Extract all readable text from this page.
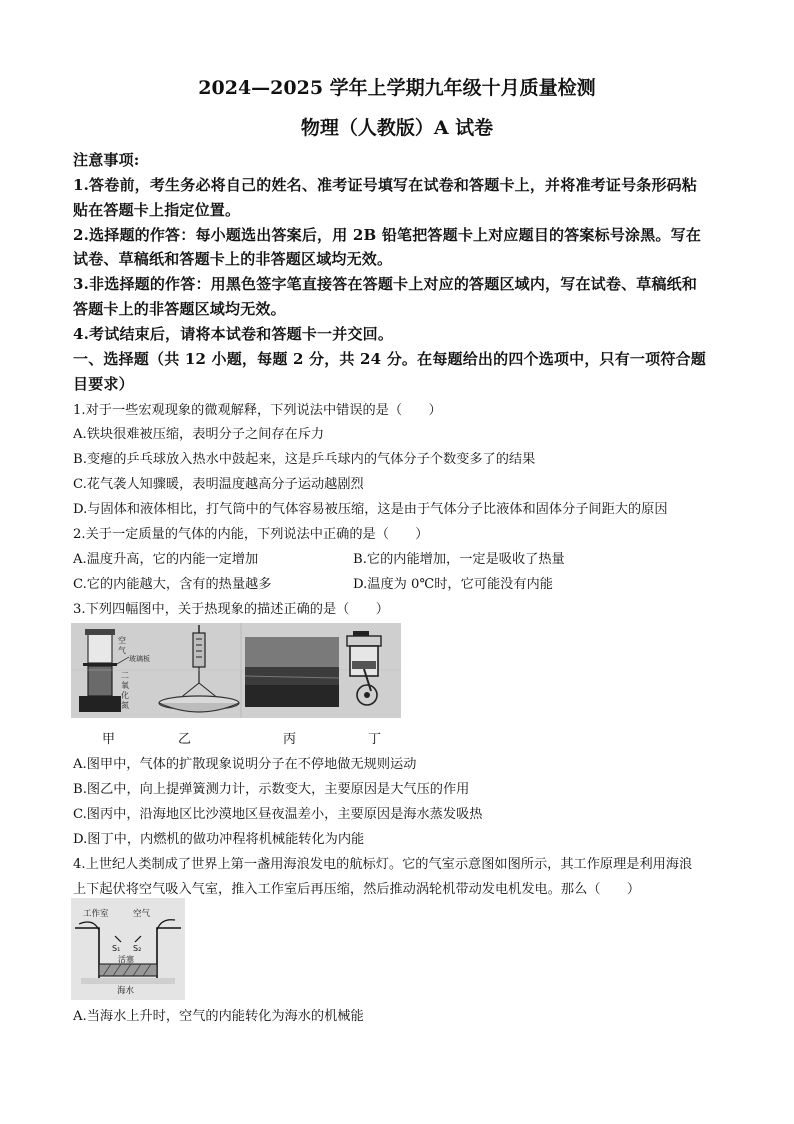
2024—2025 学年上学期九年级十月质量检测
物理（人教版）A 试卷
注意事项:
1.答卷前，考生务必将自己的姓名、准考证号填写在试卷和答题卡上，并将准考证号条形码粘
贴在答题卡上指定位置。
2.选择题的作答：每小题选出答案后，用 2B 铅笔把答题卡上对应题目的答案标号涂黑。写在
试卷、草稿纸和答题卡上的非答题区域均无效。
3.非选择题的作答：用黑色签字笔直接答在答题卡上对应的答题区域内，写在试卷、草稿纸和
答题卡上的非答题区域均无效。
4.考试结束后，请将本试卷和答题卡一并交回。
一、选择题（共 12 小题，每题 2 分，共 24 分。在每题给出的四个选项中，只有一项符合题
目要求）
1.对于一些宏观现象的微观解释，下列说法中错误的是（　　）
A.铁块很难被压缩，表明分子之间存在斥力
B.变瘪的乒乓球放入热水中鼓起来，这是乒乓球内的气体分子个数变多了的结果
C.花气袭人知骤暖，表明温度越高分子运动越剧烈
D.与固体和液体相比，打气筒中的气体容易被压缩，这是由于气体分子比液体和固体分子间距大的原因
2.关于一定质量的气体的内能，下列说法中正确的是（　　）
A.温度升高，它的内能一定增加	B.它的内能增加，一定是吸收了热量
C.它的内能越大，含有的热量越多	D.温度为 0℃时，它可能没有内能
3.下列四幅图中，关于热现象的描述正确的是（　　）
空
气
玻璃板
二
氧
化
氮
甲	乙	丙	丁
A.图甲中，气体的扩散现象说明分子在不停地做无规则运动
B.图乙中，向上提弹簧测力计，示数变大，主要原因是大气压的作用
C.图丙中，沿海地区比沙漠地区昼夜温差小，主要原因是海水蒸发吸热
D.图丁中，内燃机的做功冲程将机械能转化为内能
4.上世纪人类制成了世界上第一盏用海浪发电的航标灯。它的气室示意图如图所示，其工作原理是利用海浪
上下起伏将空气吸入气室，推入工作室后再压缩，然后推动涡轮机带动发电机发电。那么（　　）
工作室	空气
S₁ S₂
活塞
海水
A.当海水上升时，空气的内能转化为海水的机械能
